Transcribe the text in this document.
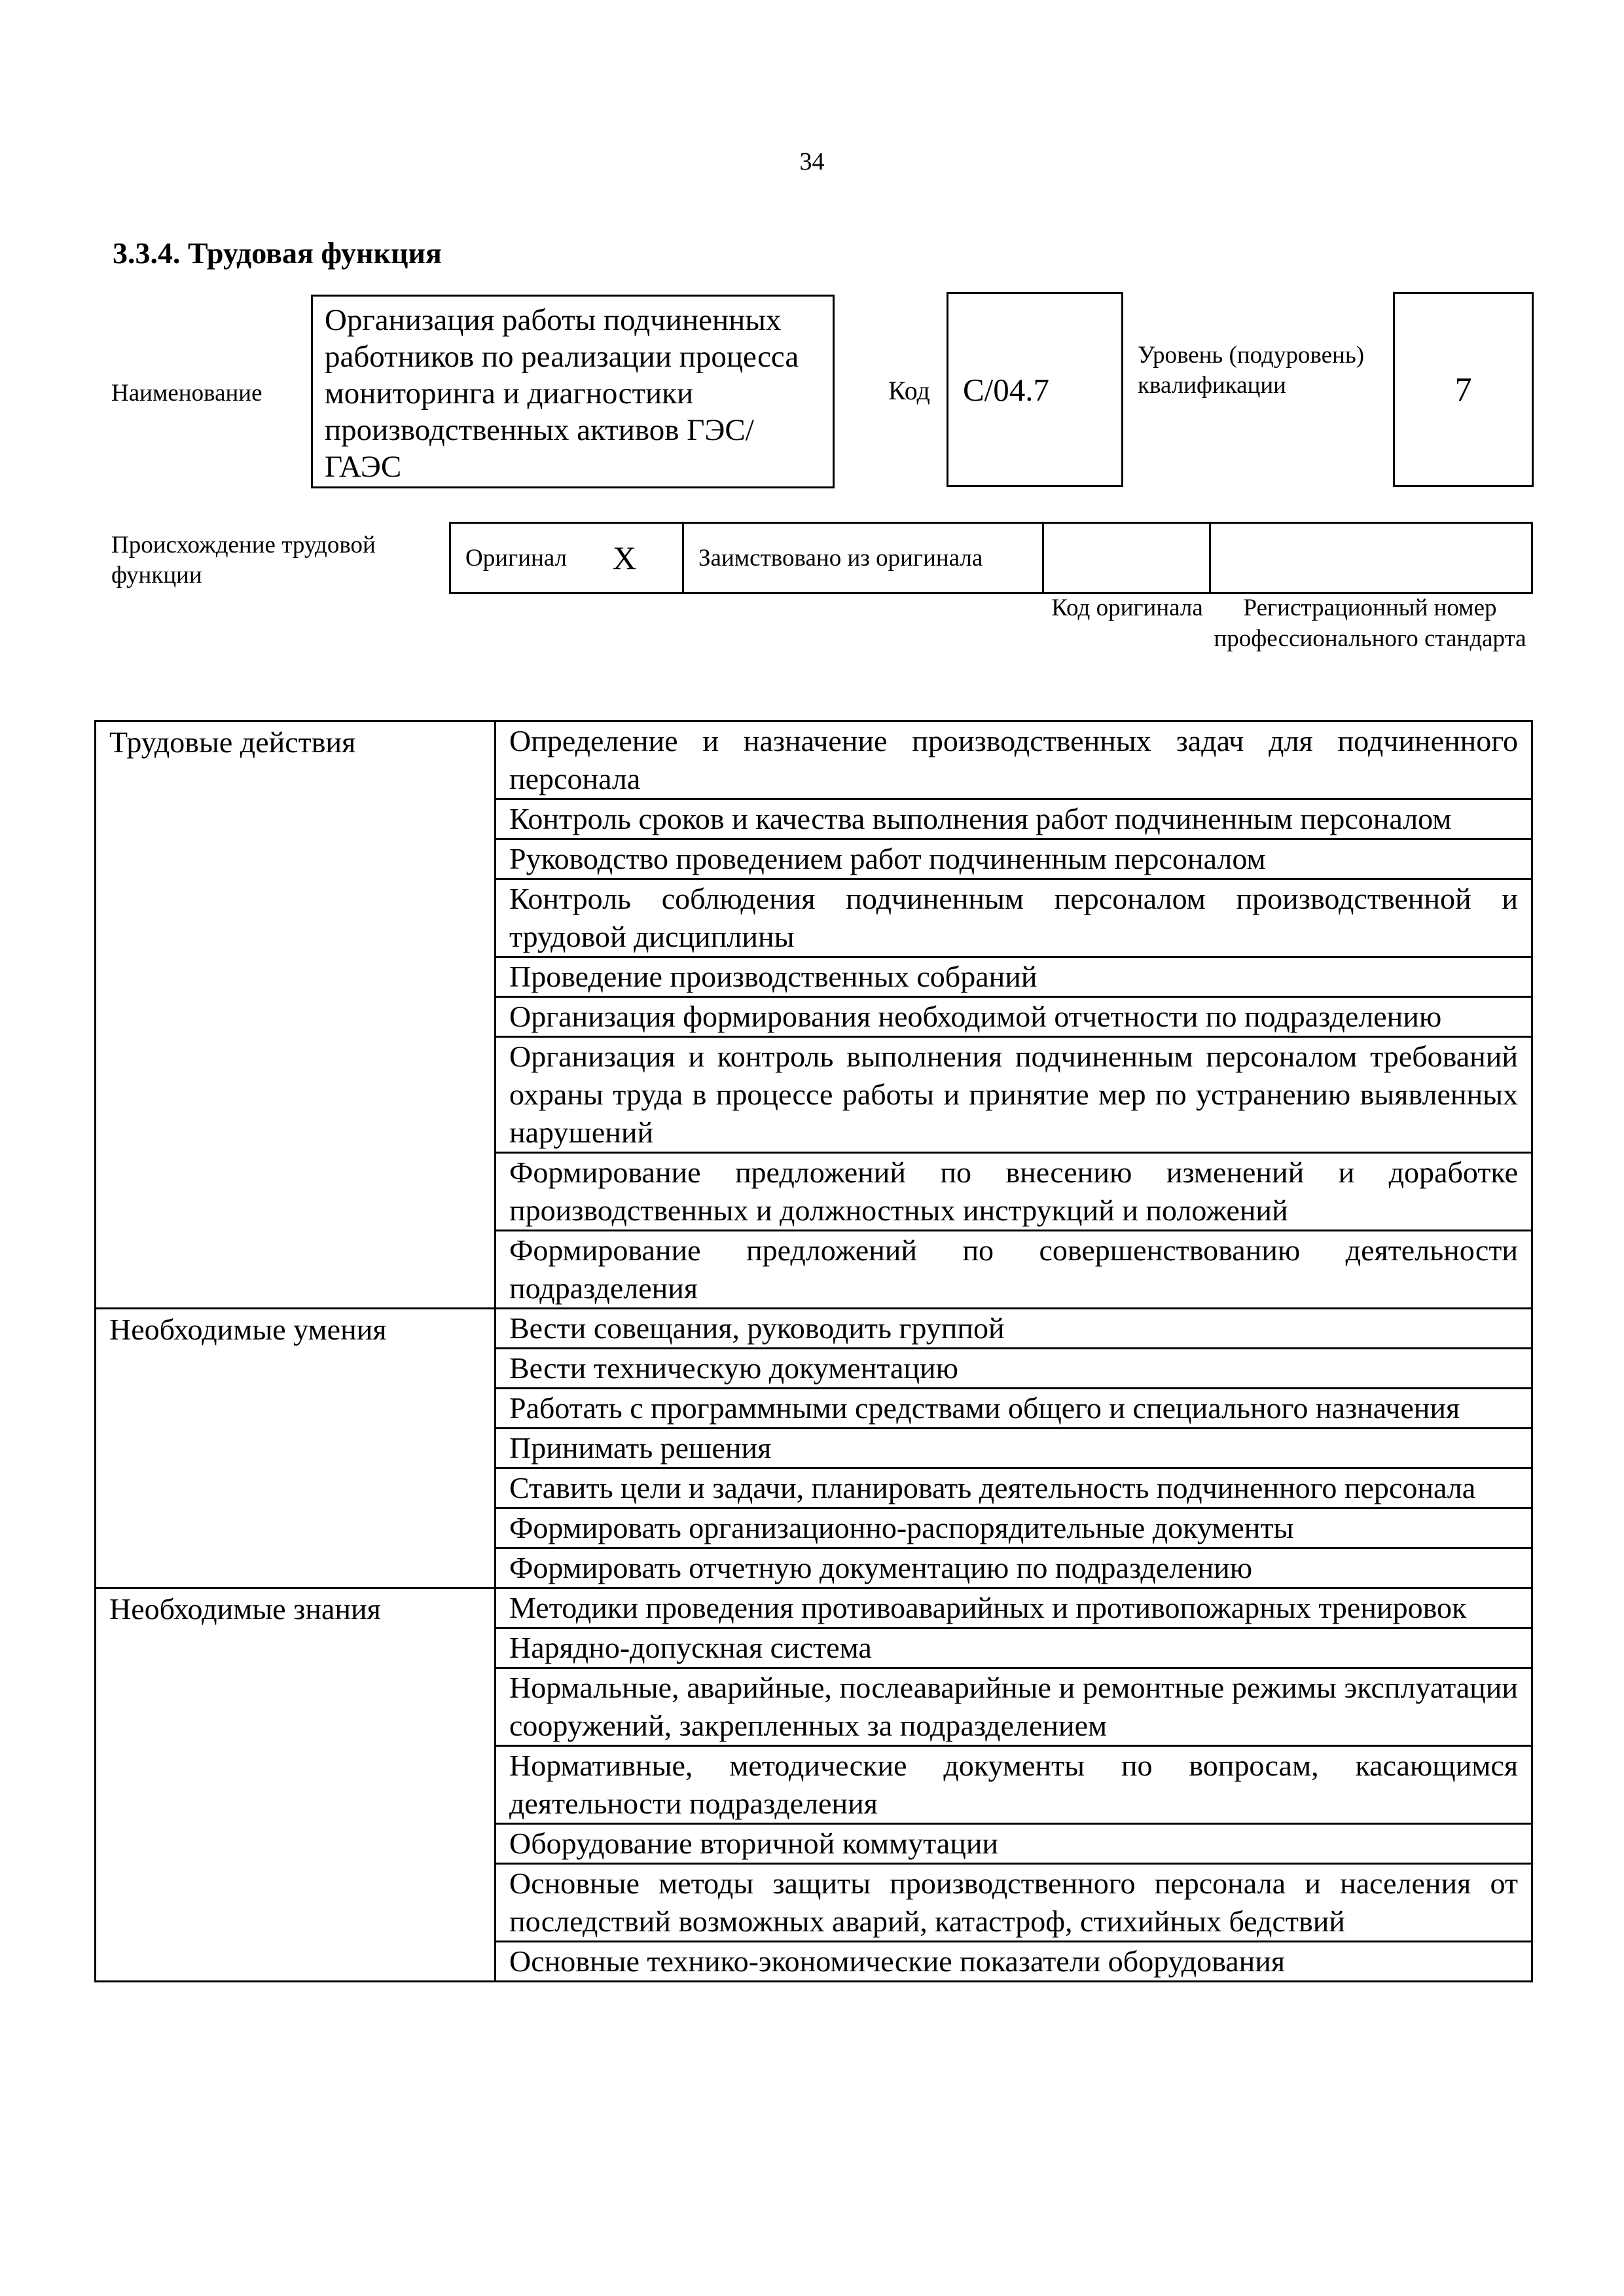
34
3.3.4. Трудовая функция
Наименование
Организация работы подчиненных работников по реализации процесса мониторинга и диагностики производственных активов ГЭС/ГАЭС
Код C/04.7
Уровень (подуровень) квалификации	7
Происхождение трудовой функции
Оригинал X	Заимствовано из оригинала
Код оригинала	Регистрационный номер профессионального стандарта
Трудовые действия	Определение и назначение производственных задач для подчиненного персонала
	Контроль сроков и качества выполнения работ подчиненным персоналом
	Руководство проведением работ подчиненным персоналом
	Контроль соблюдения подчиненным персоналом производственной и трудовой дисциплины
	Проведение производственных собраний
	Организация формирования необходимой отчетности по подразделению
	Организация и контроль выполнения подчиненным персоналом требований охраны труда в процессе работы и принятие мер по устранению выявленных нарушений
	Формирование предложений по внесению изменений и доработке производственных и должностных инструкций и положений
	Формирование предложений по совершенствованию деятельности подразделения
Необходимые умения	Вести совещания, руководить группой
	Вести техническую документацию
	Работать с программными средствами общего и специального назначения
	Принимать решения
	Ставить цели и задачи, планировать деятельность подчиненного персонала
	Формировать организационно-распорядительные документы
	Формировать отчетную документацию по подразделению
Необходимые знания	Методики проведения противоаварийных и противопожарных тренировок
	Нарядно-допускная система
	Нормальные, аварийные, послеаварийные и ремонтные режимы эксплуатации сооружений, закрепленных за подразделением
	Нормативные, методические документы по вопросам, касающимся деятельности подразделения
	Оборудование вторичной коммутации
	Основные методы защиты производственного персонала и населения от последствий возможных аварий, катастроф, стихийных бедствий
	Основные технико-экономические показатели оборудования
